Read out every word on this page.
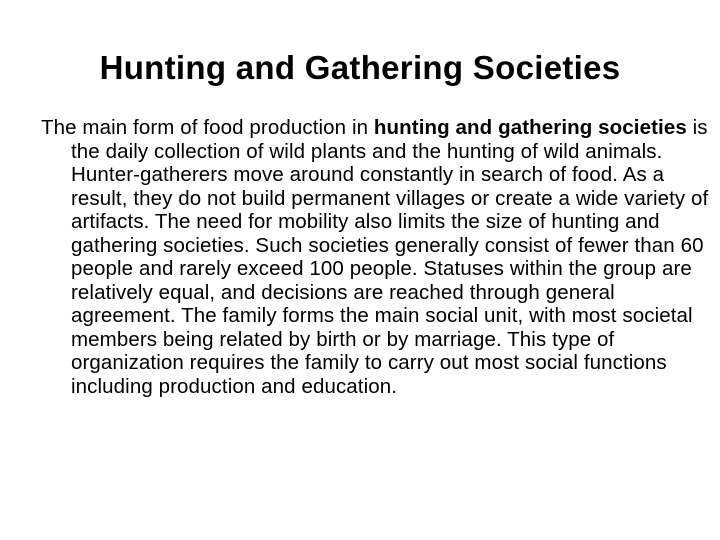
Hunting and Gathering Societies

The main form of food production in hunting and gathering societies is the daily collection of wild plants and the hunting of wild animals. Hunter-gatherers move around constantly in search of food. As a result, they do not build permanent villages or create a wide variety of artifacts. The need for mobility also limits the size of hunting and gathering societies. Such societies generally consist of fewer than 60 people and rarely exceed 100 people. Statuses within the group are relatively equal, and decisions are reached through general agreement. The family forms the main social unit, with most societal members being related by birth or by marriage. This type of organization requires the family to carry out most social functions including production and education.
